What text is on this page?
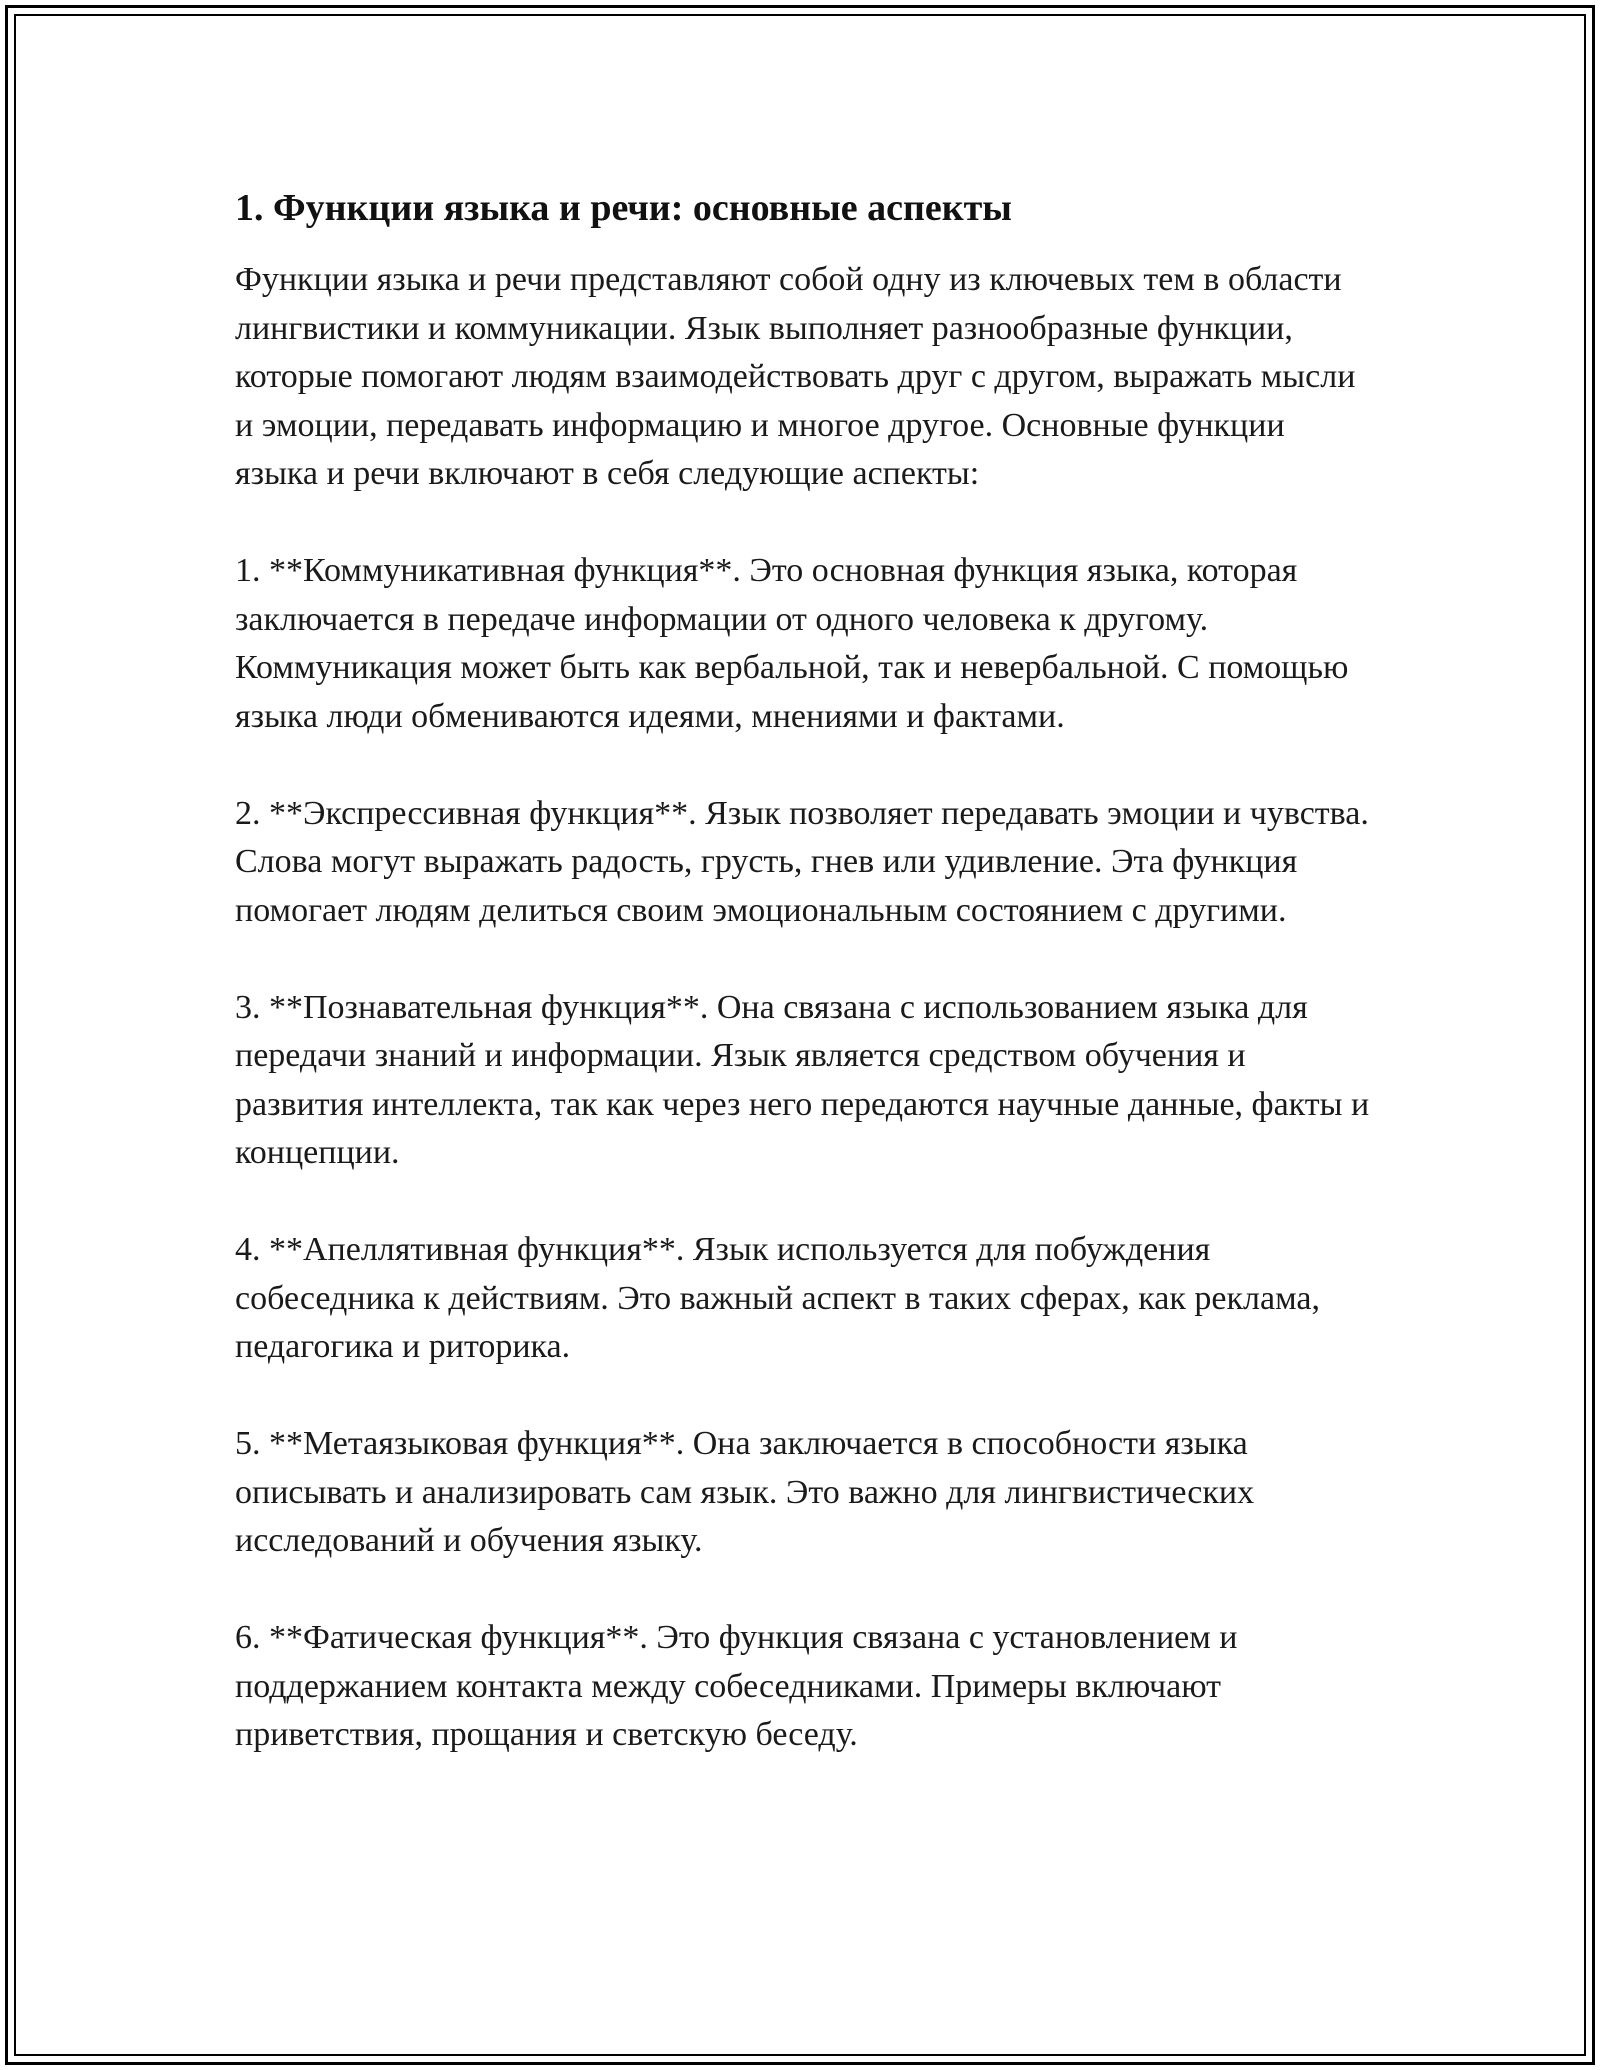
1. Функции языка и речи: основные аспекты

Функции языка и речи представляют собой одну из ключевых тем в области лингвистики и коммуникации. Язык выполняет разнообразные функции, которые помогают людям взаимодействовать друг с другом, выражать мысли и эмоции, передавать информацию и многое другое. Основные функции языка и речи включают в себя следующие аспекты:

1. **Коммуникативная функция**. Это основная функция языка, которая заключается в передаче информации от одного человека к другому. Коммуникация может быть как вербальной, так и невербальной. С помощью языка люди обмениваются идеями, мнениями и фактами.

2. **Экспрессивная функция**. Язык позволяет передавать эмоции и чувства. Слова могут выражать радость, грусть, гнев или удивление. Эта функция помогает людям делиться своим эмоциональным состоянием с другими.

3. **Познавательная функция**. Она связана с использованием языка для передачи знаний и информации. Язык является средством обучения и развития интеллекта, так как через него передаются научные данные, факты и концепции.

4. **Апеллятивная функция**. Язык используется для побуждения собеседника к действиям. Это важный аспект в таких сферах, как реклама, педагогика и риторика.

5. **Метаязыковая функция**. Она заключается в способности языка описывать и анализировать сам язык. Это важно для лингвистических исследований и обучения языку.

6. **Фатическая функция**. Это функция связана с установлением и поддержанием контакта между собеседниками. Примеры включают приветствия, прощания и светскую беседу.
